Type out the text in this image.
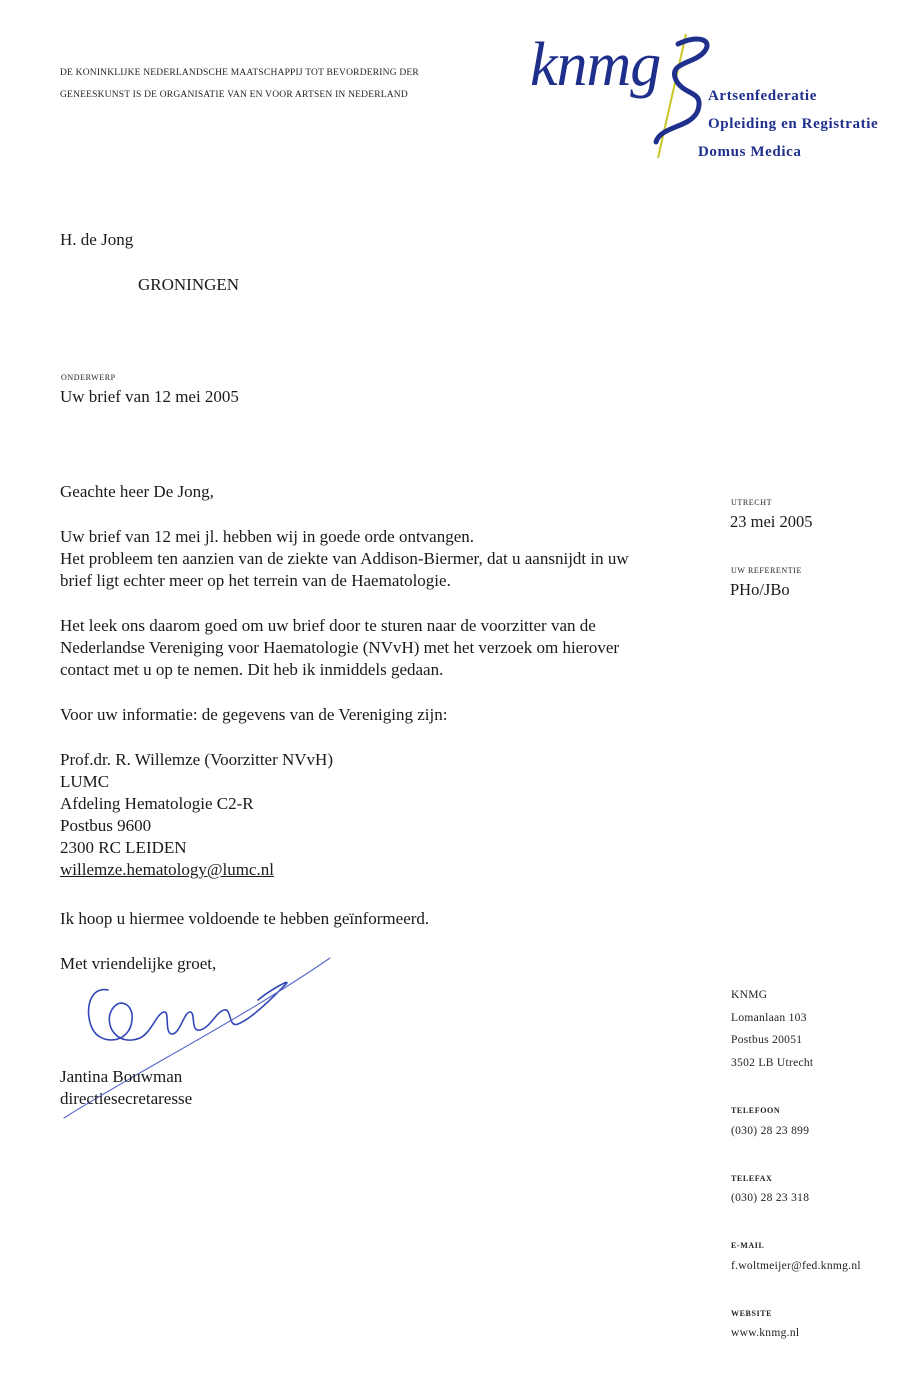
DE KONINKLIJKE NEDERLANDSCHE MAATSCHAPPIJ TOT BEVORDERING DER
GENEESKUNST IS DE ORGANISATIE VAN EN VOOR ARTSEN IN NEDERLAND knmg	Artsenfederatie
Opleiding en Registratie
Domus Medica
H. de Jong
GRONINGEN
ONDERWERP
Uw brief van 12 mei 2005
UTRECHT
23 mei 2005
UW REFERENTIE
PHo/JBo
Geachte heer De Jong,
Uw brief van 12 mei jl. hebben wij in goede orde ontvangen.
Het probleem ten aanzien van de ziekte van Addison-Biermer, dat u aansnijdt in uw
brief ligt echter meer op het terrein van de Haematologie.
Het leek ons daarom goed om uw brief door te sturen naar de voorzitter van de
Nederlandse Vereniging voor Haematologie (NVvH) met het verzoek om hierover
contact met u op te nemen. Dit heb ik inmiddels gedaan.
Voor uw informatie: de gegevens van de Vereniging zijn:
Prof.dr. R. Willemze (Voorzitter NVvH)
LUMC
Afdeling Hematologie C2-R
Postbus 9600
2300 RC LEIDEN
willemze.hematology@lumc.nl
Ik hoop u hiermee voldoende te hebben geïnformeerd.
Met vriendelijke groet,
Jantina Bouwman
directiesecretaresse
KNMG
Lomanlaan 103
Postbus 20051
3502 LB Utrecht
TELEFOON
(030) 28 23 899
TELEFAX
(030) 28 23 318
E-MAIL
f.woltmeijer@fed.knmg.nl
WEBSITE
www.knmg.nl
